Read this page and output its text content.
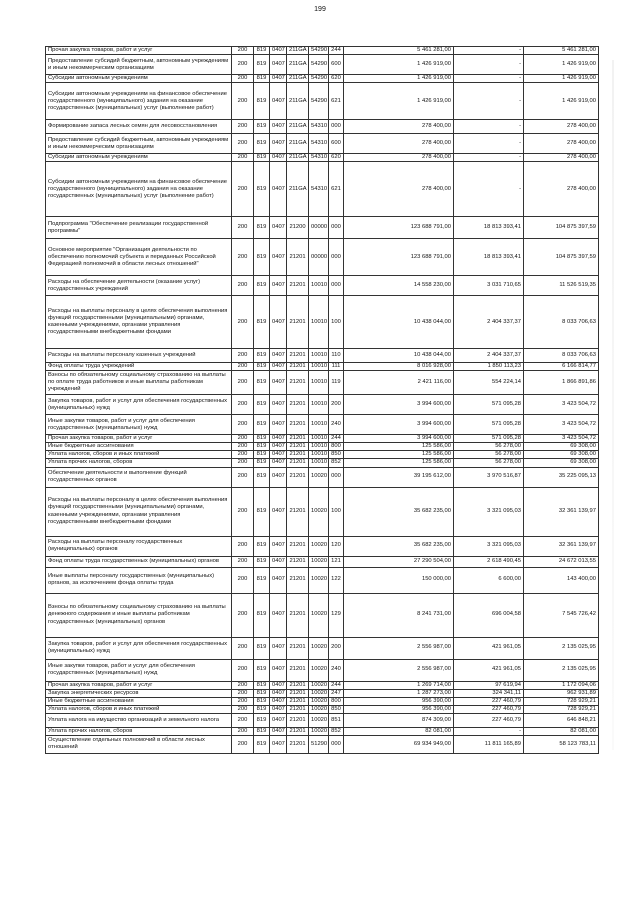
199
Прочая закупка товаров, работ и услуг	200	819	0407	211GA	54290	244	5 461 281,00	-	5 461 281,00
Предоставление субсидий бюджетным, автономным учреждениям и иным некоммерческим организациям	200	819	0407	211GA	54290	600	1 426 919,00	-	1 426 919,00
Субсидии автономным учреждениям	200	819	0407	211GA	54290	620	1 426 919,00	-	1 426 919,00
Субсидии автономным учреждениям на финансовое обеспечение государственного (муниципального) задания на оказание государственных (муниципальных) услуг (выполнение работ)	200	819	0407	211GA	54290	621	1 426 919,00	-	1 426 919,00
Формирование запаса лесных семян для лесовосстановления	200	819	0407	211GA	54310	000	278 400,00	-	278 400,00
Предоставление субсидий бюджетным, автономным учреждениям и иным некоммерческим организациям	200	819	0407	211GA	54310	600	278 400,00	-	278 400,00
Субсидии автономным учреждениям	200	819	0407	211GA	54310	620	278 400,00	-	278 400,00
Субсидии автономным учреждениям на финансовое обеспечение государственного (муниципального) задания на оказание государственных (муниципальных) услуг (выполнение работ)	200	819	0407	211GA	54310	621	278 400,00	-	278 400,00
Подпрограмма "Обеспечение реализации государственной программы"	200	819	0407	21200	00000	000	123 688 791,00	18 813 393,41	104 875 397,59
Основное мероприятие "Организация деятельности по обеспечению полномочий субъекта и переданных Российской Федерацией полномочий в области лесных отношений"	200	819	0407	21201	00000	000	123 688 791,00	18 813 393,41	104 875 397,59
Расходы на обеспечение деятельности (оказание услуг) государственных учреждений	200	819	0407	21201	10010	000	14 558 230,00	3 031 710,65	11 526 519,35
Расходы на выплаты персоналу в целях обеспечения выполнения функций государственными (муниципальными) органами, казенными учреждениями, органами управления государственными внебюджетными фондами	200	819	0407	21201	10010	100	10 438 044,00	2 404 337,37	8 033 706,63
Расходы на выплаты персоналу казенных учреждений	200	819	0407	21201	10010	110	10 438 044,00	2 404 337,37	8 033 706,63
Фонд оплаты труда учреждений	200	819	0407	21201	10010	111	8 016 928,00	1 850 113,23	6 166 814,77
Взносы по обязательному социальному страхованию на выплаты по оплате труда работников и иные выплаты работникам учреждений	200	819	0407	21201	10010	119	2 421 116,00	554 224,14	1 866 891,86
Закупка товаров, работ и услуг для обеспечения государственных (муниципальных) нужд	200	819	0407	21201	10010	200	3 994 600,00	571 095,28	3 423 504,72
Иные закупки товаров, работ и услуг для обеспечения государственных (муниципальных) нужд	200	819	0407	21201	10010	240	3 994 600,00	571 095,28	3 423 504,72
Прочая закупка товаров, работ и услуг	200	819	0407	21201	10010	244	3 994 600,00	571 095,28	3 423 504,72
Иные бюджетные ассигнования	200	819	0407	21201	10010	800	125 586,00	56 278,00	69 308,00
Уплата налогов, сборов и иных платежей	200	819	0407	21201	10010	850	125 586,00	56 278,00	69 308,00
Уплата прочих налогов, сборов	200	819	0407	21201	10010	852	125 586,00	56 278,00	69 308,00
Обеспечение деятельности и выполнение функций государственных органов	200	819	0407	21201	10020	000	39 195 612,00	3 970 516,87	35 225 095,13
Расходы на выплаты персоналу в целях обеспечения выполнения функций государственными (муниципальными) органами, казенными учреждениями, органами управления государственными внебюджетными фондами	200	819	0407	21201	10020	100	35 682 235,00	3 321 095,03	32 361 139,97
Расходы на выплаты персоналу государственных (муниципальных) органов	200	819	0407	21201	10020	120	35 682 235,00	3 321 095,03	32 361 139,97
Фонд оплаты труда государственных (муниципальных) органов	200	819	0407	21201	10020	121	27 290 504,00	2 618 490,45	24 672 013,55
Иные выплаты персоналу государственных (муниципальных) органов, за исключением фонда оплаты труда	200	819	0407	21201	10020	122	150 000,00	6 600,00	143 400,00
Взносы по обязательному социальному страхованию на выплаты денежного содержания и иные выплаты работникам государственных (муниципальных) органов	200	819	0407	21201	10020	129	8 241 731,00	696 004,58	7 545 726,42
Закупка товаров, работ и услуг для обеспечения государственных (муниципальных) нужд	200	819	0407	21201	10020	200	2 556 987,00	421 961,05	2 135 025,95
Иные закупки товаров, работ и услуг для обеспечения государственных (муниципальных) нужд	200	819	0407	21201	10020	240	2 556 987,00	421 961,05	2 135 025,95
Прочая закупка товаров, работ и услуг	200	819	0407	21201	10020	244	1 269 714,00	97 619,94	1 172 094,06
Закупка энергетических ресурсов	200	819	0407	21201	10020	247	1 287 273,00	324 341,11	962 931,89
Иные бюджетные ассигнования	200	819	0407	21201	10020	800	956 390,00	227 460,79	728 929,21
Уплата налогов, сборов и иных платежей	200	819	0407	21201	10020	850	956 390,00	227 460,79	728 929,21
Уплата налога на имущество организаций и земельного налога	200	819	0407	21201	10020	851	874 309,00	227 460,79	646 848,21
Уплата прочих налогов, сборов	200	819	0407	21201	10020	852	82 081,00	-	82 081,00
Осуществление отдельных полномочий в области лесных отношений	200	819	0407	21201	51290	000	69 934 949,00	11 811 165,89	58 123 783,11
